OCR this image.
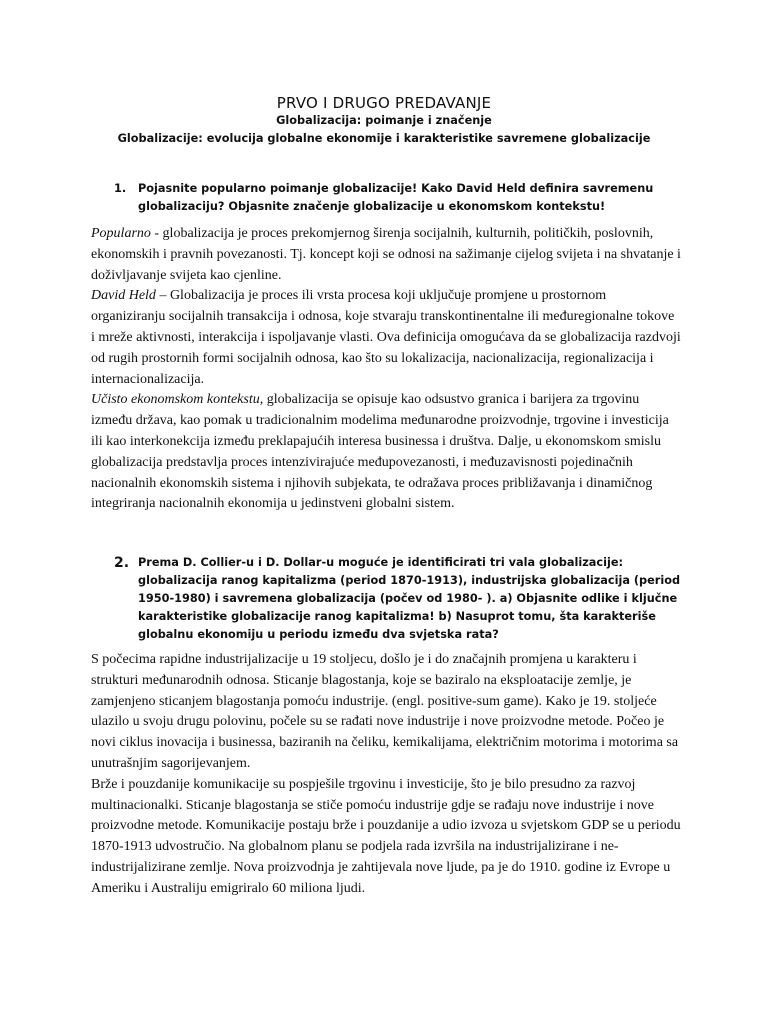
PRVO I DRUGO PREDAVANJE
Globalizacija: poimanje i značenje
Globalizacije: evolucija globalne ekonomije i karakteristike savremene globalizacije
1. Pojasnite popularno poimanje globalizacije! Kako David Held definira savremenu globalizaciju? Objasnite značenje globalizacije u ekonomskom kontekstu!

Popularno - globalizacija je proces prekomjernog širenja socijalnih, kulturnih, političkih, poslovnih, ekonomskih i pravnih povezanosti. Tj. koncept koji se odnosi na sažimanje cijelog svijeta i na shvatanje i doživljavanje svijeta kao cjenline.

David Held – Globalizacija je proces ili vrsta procesa koji uključuje promjene u prostornom organiziranju socijalnih transakcija i odnosa, koje stvaraju transkontinentalne ili međuregionalne tokove i mreže aktivnosti, interakcija i ispoljavanje vlasti. Ova definicija omogućava da se globalizacija razdvoji od rugih prostornih formi socijalnih odnosa, kao što su lokalizacija, nacionalizacija, regionalizacija i internacionalizacija.

Učisto ekonomskom kontekstu, globalizacija se opisuje kao odsustvo granica i barijera za trgovinu između država, kao pomak u tradicionalnim modelima međunarodne proizvodnje, trgovine i investicija ili kao interkonekcija između preklapajućih interesa businessa i društva. Dalje, u ekonomskom smislu globalizacija predstavlja proces intenzivirajuće međupovezanosti, i međuzavisnosti pojedinačnih nacionalnih ekonomskih sistema i njihovih subjekata, te odražava proces približavanja i dinamičnog integriranja nacionalnih ekonomija u jedinstveni globalni sistem.

2. Prema D. Collier-u i D. Dollar-u moguće je identificirati tri vala globalizacije: globalizacija ranog kapitalizma (period 1870-1913), industrijska globalizacija (period 1950-1980) i savremena globalizacija (počev od 1980- ). a) Objasnite odlike i ključne karakteristike globalizacije ranog kapitalizma! b) Nasuprot tomu, šta karakteriše globalnu ekonomiju u periodu između dva svjetska rata?

S počecima rapidne industrijalizacije u 19 stoljecu, došlo je i do značajnih promjena u karakteru i strukturi međunarodnih odnosa. Sticanje blagostanja, koje se baziralo na eksploatacije zemlje, je zamjenjeno sticanjem blagostanja pomoću industrije. (engl. positive-sum game). Kako je 19. stoljeće ulazilo u svoju drugu polovinu, počele su se rađati nove industrije i nove proizvodne metode. Počeo je novi ciklus inovacija i businessa, baziranih na čeliku, kemikalijama, električnim motorima i motorima sa unutrašnjim sagorijevanjem.

Brže i pouzdanije komunikacije su pospješile trgovinu i investicije, što je bilo presudno za razvoj multinacionalki. Sticanje blagostanja se stiče pomoću industrije gdje se rađaju nove industrije i nove proizvodne metode. Komunikacije postaju brže i pouzdanije a udio izvoza u svjetskom GDP se u periodu 1870-1913 udvostručio. Na globalnom planu se podjela rada izvršila na industrijalizirane i ne-industrijalizirane zemlje. Nova proizvodnja je zahtijevala nove ljude, pa je do 1910. godine iz Evrope u Ameriku i Australiju emigriralo 60 miliona ljudi.
